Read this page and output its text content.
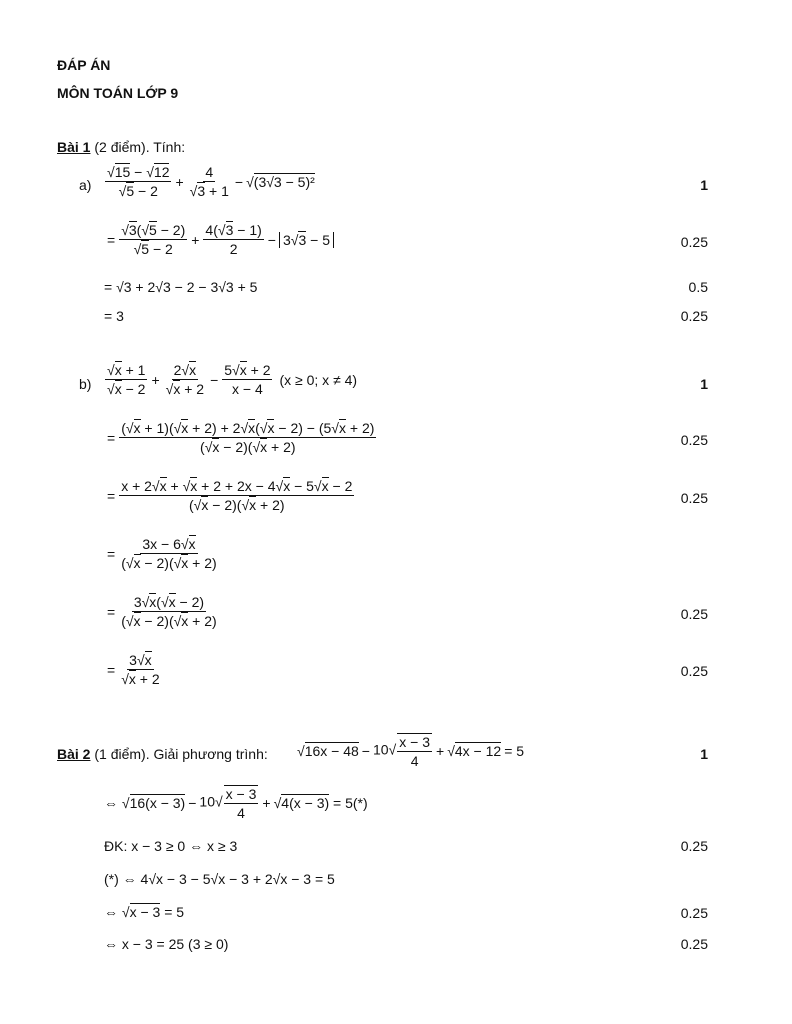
ĐÁP ÁN
MÔN TOÁN LỚP 9
Bài 1 (2 điểm). Tính:
$a) \frac{√15 - √12}{√5 - 2} + \frac{4}{√3 + 1} - √(3√3 - 5)^2$	1
= $\frac{√3(√5 - 2)}{√5 - 2} + \frac{4(√3 - 1)}{2} - 3√3 - 5$	0.25
= √3 + 2√3 − 2 − 3√3 + 5	0.5
= 3	0.25
$b) \frac{√x + 1}{√x - 2} + \frac{2√x}{√x + 2} - \frac{5√x + 2}{x - 4} (x \ge 0$; x ≠ 4)	1
= $\frac{(√x + 1)(√x + 2) + 2√x(√x - 2) - (5√x + 2)}{(√x - 2)(√x + 2)}$	0.25
= $\frac{x + 2√x + √x + 2 + 2x - 4√x - 5√x - 2}{(√x - 2)(√x + 2)}$	0.25
= $\frac{3x - 6√x}{(√x - 2)(√x + 2)}$
= $\frac{3√x(√x - 2)}{(√x - 2)(√x + 2)}$	0.25
= $\frac{3√x}{√x + 2}$	0.25
Bài 2 (1 điểm). Giải phương trình: $√16x - 48 - 10√ \frac{x - 3}{4} + √4x - 12 = 5$	1
⇔ $√16(x - 3) - 10√ \frac{x - 3}{4} + √4(x - 3) = 5(*)$
ĐK: x − 3 ≥ 0 ⇔ x ≥ 3	0.25
(*) ⇔ 4√x − 3 − 5√x − 3 + 2√x − 3 = 5
⇔ √x − 3 = 5	0.25
⇔ x − 3 = 25 (3 ≥ 0)	0.25
